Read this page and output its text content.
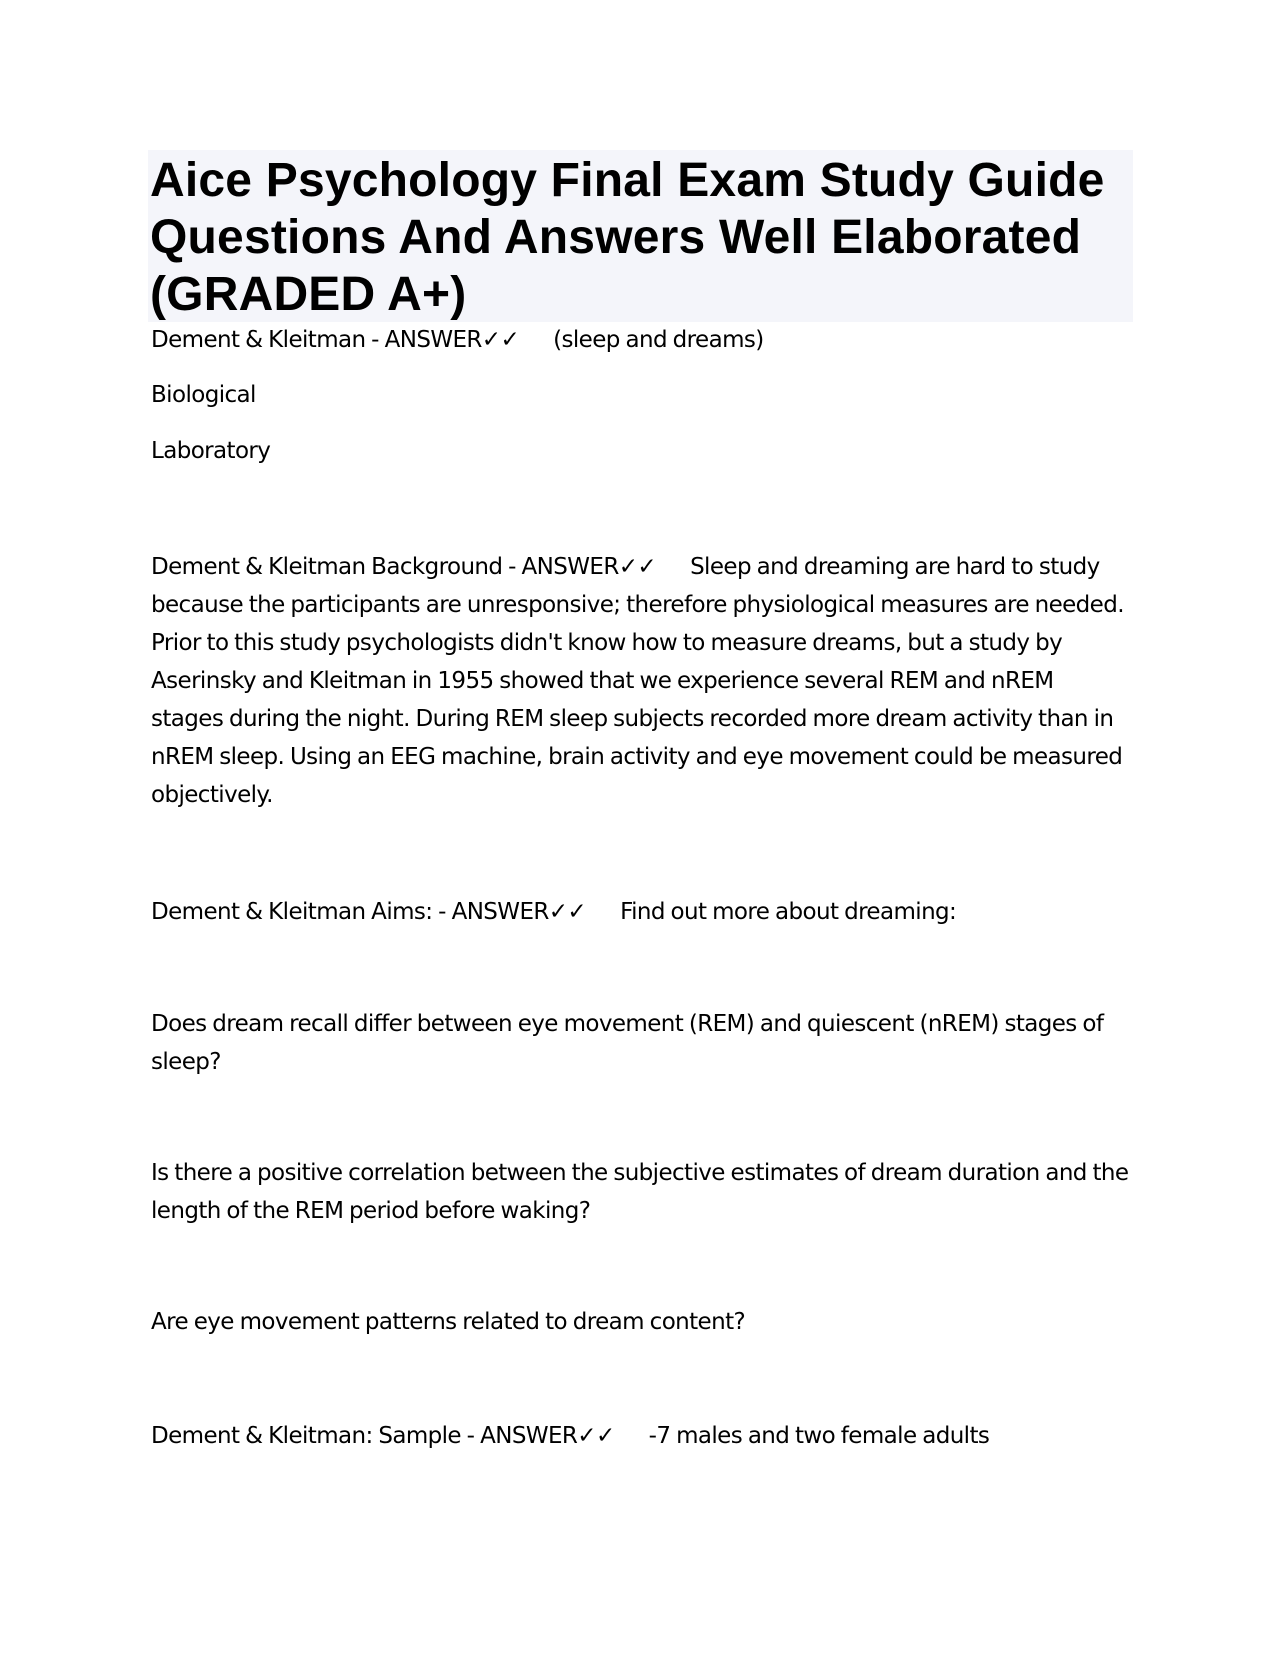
Aice Psychology Final Exam Study Guide Questions And Answers Well Elaborated (GRADED A+)

Dement & Kleitman - ANSWER✓✓ (sleep and dreams)

Biological

Laboratory

Dement & Kleitman Background - ANSWER✓✓ Sleep and dreaming are hard to study because the participants are unresponsive; therefore physiological measures are needed. Prior to this study psychologists didn't know how to measure dreams, but a study by Aserinsky and Kleitman in 1955 showed that we experience several REM and nREM stages during the night. During REM sleep subjects recorded more dream activity than in nREM sleep. Using an EEG machine, brain activity and eye movement could be measured objectively.

Dement & Kleitman Aims: - ANSWER✓✓ Find out more about dreaming:

Does dream recall differ between eye movement (REM) and quiescent (nREM) stages of sleep?

Is there a positive correlation between the subjective estimates of dream duration and the length of the REM period before waking?

Are eye movement patterns related to dream content?

Dement & Kleitman: Sample - ANSWER✓✓ -7 males and two female adults
